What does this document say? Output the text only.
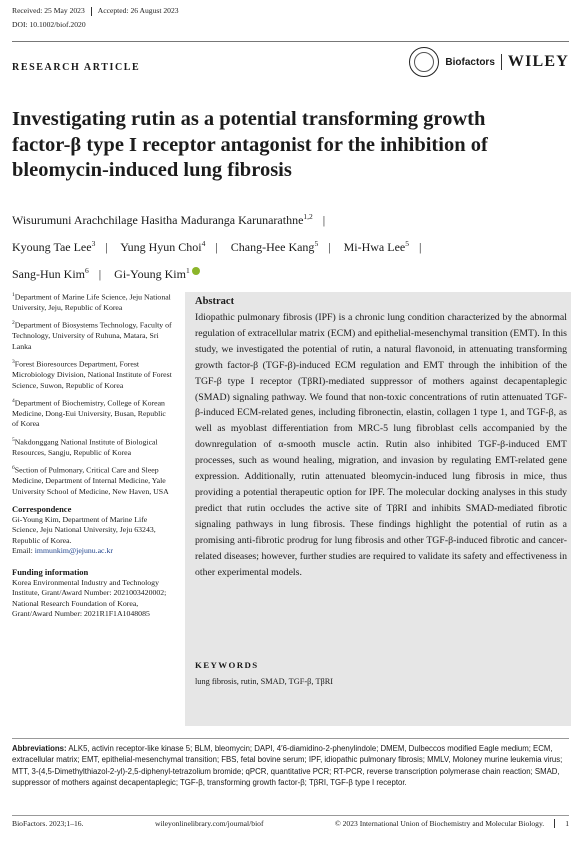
Received: 25 May 2023 Accepted: 26 August 2023
DOI: 10.1002/biof.2020
RESEARCH ARTICLE	Biofactors WILEY
Investigating rutin as a potential transforming growth factor-β type I receptor antagonist for the inhibition of bleomycin-induced lung fibrosis
Wisurumuni Arachchilage Hasitha Maduranga Karunarathne$^{1,2}$ |
Kyoung Tae Lee$^3$ | Yung Hyun Choi$^4$ | Chang-Hee Kang$^5$ | Mi-Hwa Lee$^5$ |
Sang-Hun Kim$^6$ | Gi-Young Kim$^1$
$^1$Department of Marine Life Science, Jeju National University, Jeju, Republic of Korea
$^2$Department of Biosystems Technology, Faculty of Technology, University of Ruhuna, Matara, Sri Lanka
$^3$Forest Bioresources Department, Forest Microbiology Division, National Institute of Forest Science, Suwon, Republic of Korea
$^4$Department of Biochemistry, College of Korean Medicine, Dong-Eui University, Busan, Republic of Korea
$^5$Nakdonggang National Institute of Biological Resources, Sangju, Republic of Korea
$^6$Section of Pulmonary, Critical Care and Sleep Medicine, Department of Internal Medicine, Yale University School of Medicine, New Haven, USA
Correspondence
Gi-Young Kim, Department of Marine Life Science, Jeju National University, Jeju 63243, Republic of Korea.
Email: immunkim@jejunu.ac.kr
Funding information
Korea Environmental Industry and Technology Institute, Grant/Award Number: 2021003420002; National Research Foundation of Korea, Grant/Award Number: 2021R1F1A1048085
Abstract
Idiopathic pulmonary fibrosis (IPF) is a chronic lung condition characterized by the abnormal regulation of extracellular matrix (ECM) and epithelial-mesenchymal transition (EMT). In this study, we investigated the potential of rutin, a natural flavonoid, in attenuating transforming growth factor-β (TGF-β)-induced ECM regulation and EMT through the inhibition of the TGF-β type I receptor (TβRI)-mediated suppressor of mothers against decapentaplegic (SMAD) signaling pathway. We found that non-toxic concentrations of rutin attenuated TGF-β-induced ECM-related genes, including fibronectin, elastin, collagen 1 type 1, and TGF-β, as well as myoblast differentiation from MRC-5 lung fibroblast cells accompanied by the downregulation of α-smooth muscle actin. Rutin also inhibited TGF-β-induced EMT processes, such as wound healing, migration, and invasion by regulating EMT-related gene expression. Additionally, rutin attenuated bleomycin-induced lung fibrosis in mice, thus providing a potential therapeutic option for IPF. The molecular docking analyses in this study predict that rutin occludes the active site of TβRI and inhibits SMAD-mediated fibrotic signaling pathways in lung fibrosis. These findings highlight the potential of rutin as a promising anti-fibrotic prodrug for lung fibrosis and other TGF-β-induced fibrotic and cancer-related diseases; however, further studies are required to validate its safety and effectiveness in other experimental models.
KEYWORDS
lung fibrosis, rutin, SMAD, TGF-β, TβRI
Abbreviations: ALK5, activin receptor-like kinase 5; BLM, bleomycin; DAPI, 4′6-diamidino-2-phenylindole; DMEM, Dulbeccos modified Eagle medium; ECM, extracellular matrix; EMT, epithelial-mesenchymal transition; FBS, fetal bovine serum; IPF, idiopathic pulmonary fibrosis; MMLV, Moloney murine leukemia virus; MTT, 3-(4,5-Dimethylthiazol-2-yl)-2,5-diphenyl-tetrazolium bromide; qPCR, quantitative PCR; RT-PCR, reverse transcription polymerase chain reaction; SMAD, suppressor of mothers against decapentaplegic; TGF-β, transforming growth factor-β; TβRI, TGF-β type I receptor.
BioFactors. 2023;1–16.	wileyonlinelibrary.com/journal/biof	© 2023 International Union of Biochemistry and Molecular Biology.	1
